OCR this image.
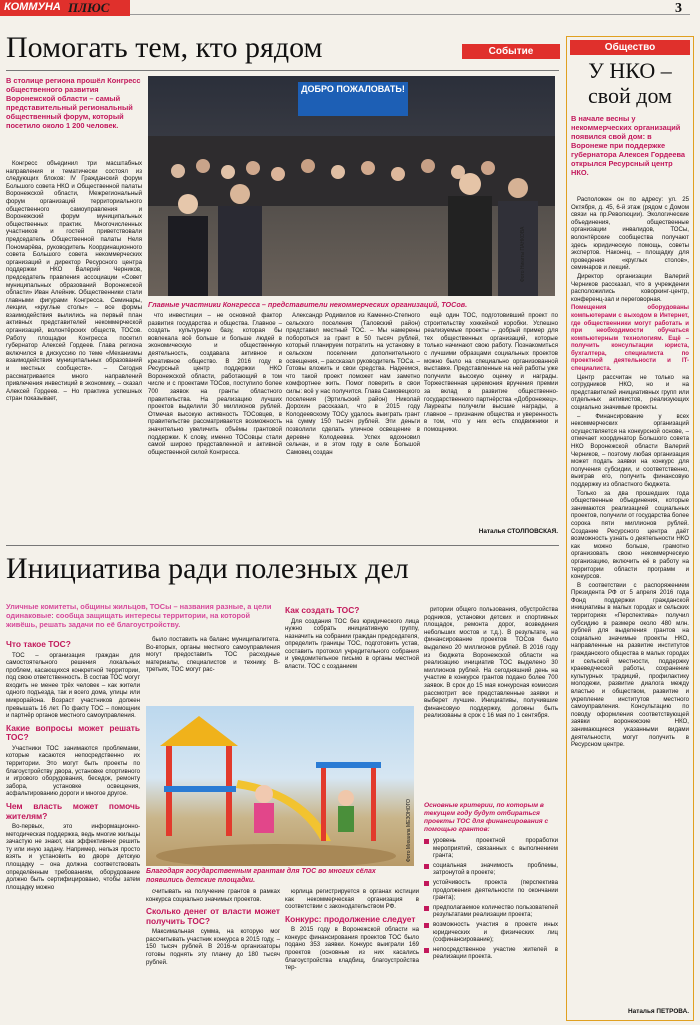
КОММУНА ПЛЮС	3
Помогать тем, кто рядом	Событие
В столице региона прошёл Конгресс общественного развития Воронежской области – самый представительный региональный общественный форум, который посетило около 1 200 человек.

Конгресс объединил три масштабных направления и тематически состоял из следующих блоков: IV Гражданский форум Большого совета НКО и Общественной палаты Воронежской области, Межрегиональный форум организаций территориального общественного самоуправления и Воронежский форум муниципальных общественных практик. Многочисленных участников и гостей приветствовали председатель Общественной палаты Неля Пономарёва, руководитель Координационного совета Большого совета некоммерческих организаций и директор Ресурсного центра поддержки НКО Валерий Черников, председатель правления ассоциации «Совет муниципальных образований Воронежской области» Иван Алейник. Общественники стали главными фигурами Конгресса. Семинары, лекции, «круглые столы» – все формы взаимодействия вылились на первый план активных представителей некоммерческой организаций, волонтёрских обществ, ТОСов. Работу площадки Конгресса посетил губернатор Алексей Гордеев. Глава региона включился в дискуссию по теме «Механизмы взаимодействия муниципальных образований и местных сообществ». – Сегодня рассматривается много направлений привлечения инвестиций в экономику, – сказал Алексей Гордеев. – Но практика успешных стран показывает,

ДОБРО ПОЖАЛОВАТЬ!
Фото Никиты ПАНКОВА
Главные участники Конгресса – представители некоммерческих организаций, ТОСов.

что инвестиции – не основной фактор развития государства и общества. Главное – создать культурную базу, которая бы вовлекала всё больше и больше людей в экономическую и общественную деятельность, создавала активное и креативное общество. В 2016 году в Ресурсный центр поддержки НКО Воронежской области, работающий в том числе и с проектами ТОСов, поступило более 700 заявок на гранты областного правительства. На реализацию лучших проектов выделили 30 миллионов рублей. Отмечая высокую активность ТОСовцев, в правительстве рассматривается возможность значительно увеличить объёмы грантовой поддержки. К слову, именно ТОСовцы стали самой широко представленной и активной общественной силой Конгресса.

Александр Родивилов из Каменно-Степного сельского поселения (Таловский район) представил местный ТОС. – Мы намерены побороться за грант в 50 тысяч рублей, который планируем потратить на установку в сельском поселении дополнительного освещения, – рассказал руководитель ТОСа. – Готовы вложить и свои средства. Надеемся, что такой проект поможет нам заметно комфортнее жить. Помог поверить в свои силы: всё у нас получится. Глава Самовецкого поселения (Эртильский район) Николай Дорохин рассказал, что в 2015 году Колодеевскому ТОСу удалось выиграть грант на сумму 150 тысяч рублей. Эти деньги позволили сделать уличное освещение в деревне Колодеевка. Успех вдохновил сельчан, и в этом году в селе Большой Самовец создан

ещё один ТОС, подготовивший проект по строительству хоккейной коробки. Успешно реализуемые проекты – добрый пример для тех общественных организаций, которые только начинают свою работу. Познакомиться с лучшими образцами социальных проектов можно было на специально организованной выставке. Представленные на ней работы уже получили высокую оценку и награды. Торжественная церемония вручения премии за вклад в развитие общественно-государственного партнёрства «Добронежец». Лауреаты получили высшие награды, а главное – признание общества и уверенность в том, что у них есть сподвижники и помощники.

Наталья СТОЛПОВСКАЯ.
Общество
У НКО – свой дом
В начале весны у некоммерческих организаций появился свой дом: в Воронеже при поддержке губернатора Алексея Гордеева открылся Ресурсный центр НКО.

Расположен он по адресу: ул. 25 Октября, д. 45, 6-й этаж (рядом с Домом связи на пр.Революции). Экологические объединения, общественные организации инвалидов, ТОСы, волонтёрские сообщества получают здесь юридическую помощь, советы экспертов. Наконец, – площадку для проведения «круглых столов», семинаров и лекций.

Директор организации Валерий Черников рассказал, что в учреждении расположились коворкинг-центр, конференц-зал и переговорная.

Помещения оборудованы компьютерами с выходом в Интернет, где общественники могут работать и при необходимости обучаться компьютерным технологиям. Ещё – получить консультации юриста, бухгалтера, специалиста по проектной деятельности и IT-специалиста.

Центр рассчитан не только на сотрудников НКО, но и на представителей инициативных групп или отдельных активистов, реализующих социально значимые проекты.

– Финансирование у всех некоммерческих организаций осуществляется на конкурсной основе, – отмечает координатор Большого совета НКО Воронежской области Валерий Черников, – поэтому любая организация может подать заявки на конкурс для получения субсидии, и соответственно, выиграв его, получить финансовую поддержку из областного бюджета.

Только за два прошедших года общественные объединения, которые занимаются реализацией социальных проектов, получили от государства более сорока пяти миллионов рублей. Создание Ресурсного центра даёт возможность узнать о деятельности НКО как можно больше, грамотно организовать свою некоммерческую организацию, включить её в работу на территории области программ и конкурсов.

В соответствии с распоряжением Президента РФ от 5 апреля 2016 года Фонд поддержки гражданской инициативы в малых городах и сельских территориях «Перспектива» получил субсидию в размере около 480 млн. рублей для выделения грантов на социально значимые проекты НКО, направленные на развитие институтов гражданского общества в малых городах и сельской местности, поддержку краеведческой работы, сохранение культурных традиций, профилактику молодежи, развитие диалога между властью и обществом, развитие и укрепление институтов местного самоуправления. Консультацию по поводу оформления соответствующей заявки воронежские НКО, занимающиеся указанными видами деятельности, могут получить в Ресурсном центре.

Наталья ПЕТРОВА.
Инициатива ради полезных дел
Уличные комитеты, общины жильцов, ТОСы – названия разные, а цели одинаковые: сообща защищать интересы территории, на которой живёшь, решать задачи по её благоустройству.
Что такое ТОС?

ТОС – организация граждан для самостоятельного решения локальных проблем, касающихся конкретной территории, под свою ответственность. В состав ТОС могут входить не менее трёх человек – как жители одного подъезда, так и всего дома, улицы или микрорайона. Возраст участников должен превышать 16 лет. По факту ТОС – помощник и партнёр органов местного самоуправления.

Какие вопросы может решать ТОС?

Участники ТОС занимаются проблемами, которые касаются непосредственно их территории. Это могут быть проекты по благоустройству двора, установке спортивного и игрового оборудования, беседок, ремонту забора, установке освещения, асфальтированию дороги и многое другое.

Чем власть может помочь жителям?

Во-первых, это информационно-методическая поддержка, ведь многие жильцы зачастую не знают, как эффективнее решить ту или иную задачу. Например, нельзя просто взять и установить во дворе детскую площадку – она должна соответствовать определённым требованиям, оборудование должно быть сертифицировано, чтобы затем площадку можно

было поставить на баланс муниципалитета. Во-вторых, органы местного самоуправления могут предоставить ТОС расходные материалы, специалистов и технику. В-третьих, ТОС могут рас-

Фото Михаила МЕЗОНОГО
Благодаря государственным грантам для ТОС во многих сёлах появились детские площадки.

считывать на получение грантов в рамках конкурса социально значимых проектов.

Сколько денег от власти может получить ТОС?

Максимальная сумма, на которую мог рассчитывать участник конкурса в 2015 году, – 150 тысяч рублей. В 2016-м организаторы готовы поднять эту планку до 180 тысяч рублей.

Как создать ТОС?

Для создания ТОС без юридического лица нужно собрать инициативную группу, назначить на собрании граждан председателя, определить границы ТОС, подготовить устав, составить протокол учредительного собрания и уведомительное письмо в органы местной власти. ТОС с созданием

юрлица регистрируется в органах юстиции как некоммерческая организация в соответствии с законодательством РФ.

Конкурс: продолжение следует

В 2015 году в Воронежской области на конкурс финансирования проектов ТОС было подано 353 заявки. Конкурс выиграли 169 проектов (основные из них касались благоустройства кладбищ, благоустройства тер-

ритории общего пользования, обустройства родников, установки детских и спортивных площадок, ремонта дорог, возведения небольших мостов и т.д.). В результате, на финансирование проектов ТОСов было выделено 20 миллионов рублей. В 2016 году из бюджета Воронежской области на реализацию инициатив ТОС выделено 30 миллионов рублей. На сегодняшний день на участие в конкурсе грантов подано более 700 заявок. В срок до 15 мая конкурсная комиссия рассмотрит все представленные заявки и выберет лучшие. Инициативы, получившие финансовую поддержку, должны быть реализованы в срок с 16 мая по 1 сентября.

Основные критерии, по которым в текущем году будут отбираться проекты ТОС для финансирования с помощью грантов:
уровень проектной проработки мероприятий, связанных с выполнением гранта;
социальная значимость проблемы, затронутой в проекте;
устойчивость проекта (перспектива продолжения деятельности по окончании гранта);
предполагаемое количество пользователей результатами реализации проекта;
возможность участия в проекте иных юридических и физических лиц (софинансирование);
непосредственное участие жителей в реализации проекта.
